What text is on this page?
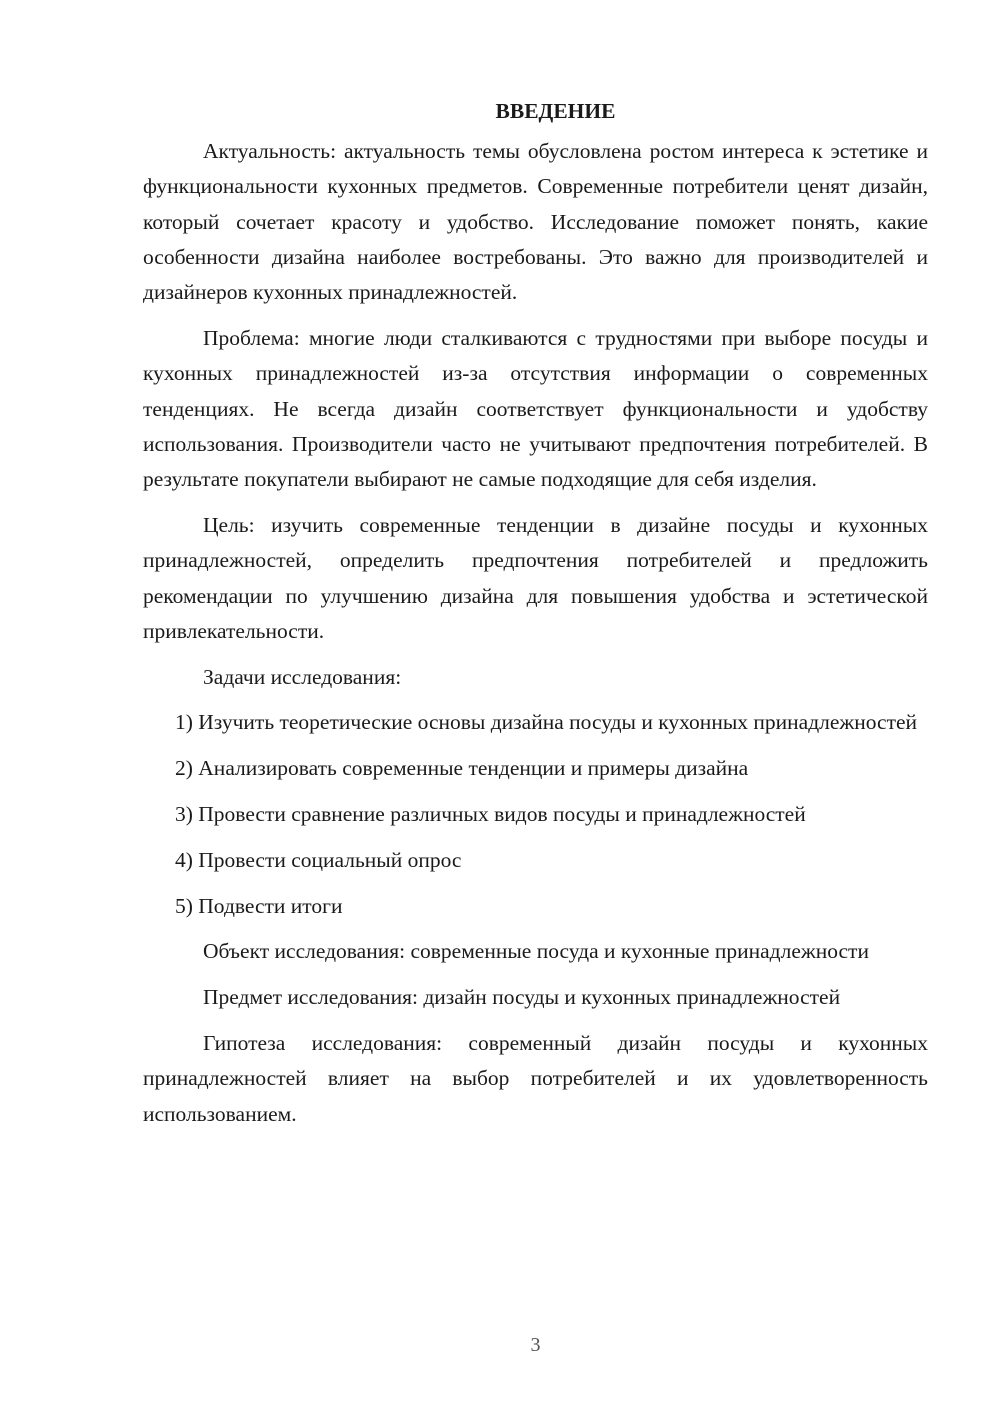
ВВЕДЕНИЕ

Актуальность: актуальность темы обусловлена ростом интереса к эстетике и функциональности кухонных предметов. Современные потребители ценят дизайн, который сочетает красоту и удобство. Исследование поможет понять, какие особенности дизайна наиболее востребованы. Это важно для производителей и дизайнеров кухонных принадлежностей.

Проблема: многие люди сталкиваются с трудностями при выборе посуды и кухонных принадлежностей из-за отсутствия информации о современных тенденциях. Не всегда дизайн соответствует функциональности и удобству использования. Производители часто не учитывают предпочтения потребителей. В результате покупатели выбирают не самые подходящие для себя изделия.

Цель: изучить современные тенденции в дизайне посуды и кухонных принадлежностей, определить предпочтения потребителей и предложить рекомендации по улучшению дизайна для повышения удобства и эстетической привлекательности.

Задачи исследования:

1) Изучить теоретические основы дизайна посуды и кухонных принадлежностей

2) Анализировать современные тенденции и примеры дизайна

3) Провести сравнение различных видов посуды и принадлежностей

4) Провести социальный опрос

5) Подвести итоги

Объект исследования: современные посуда и кухонные принадлежности

Предмет исследования: дизайн посуды и кухонных принадлежностей

Гипотеза исследования: современный дизайн посуды и кухонных принадлежностей влияет на выбор потребителей и их удовлетворенность использованием.

3
